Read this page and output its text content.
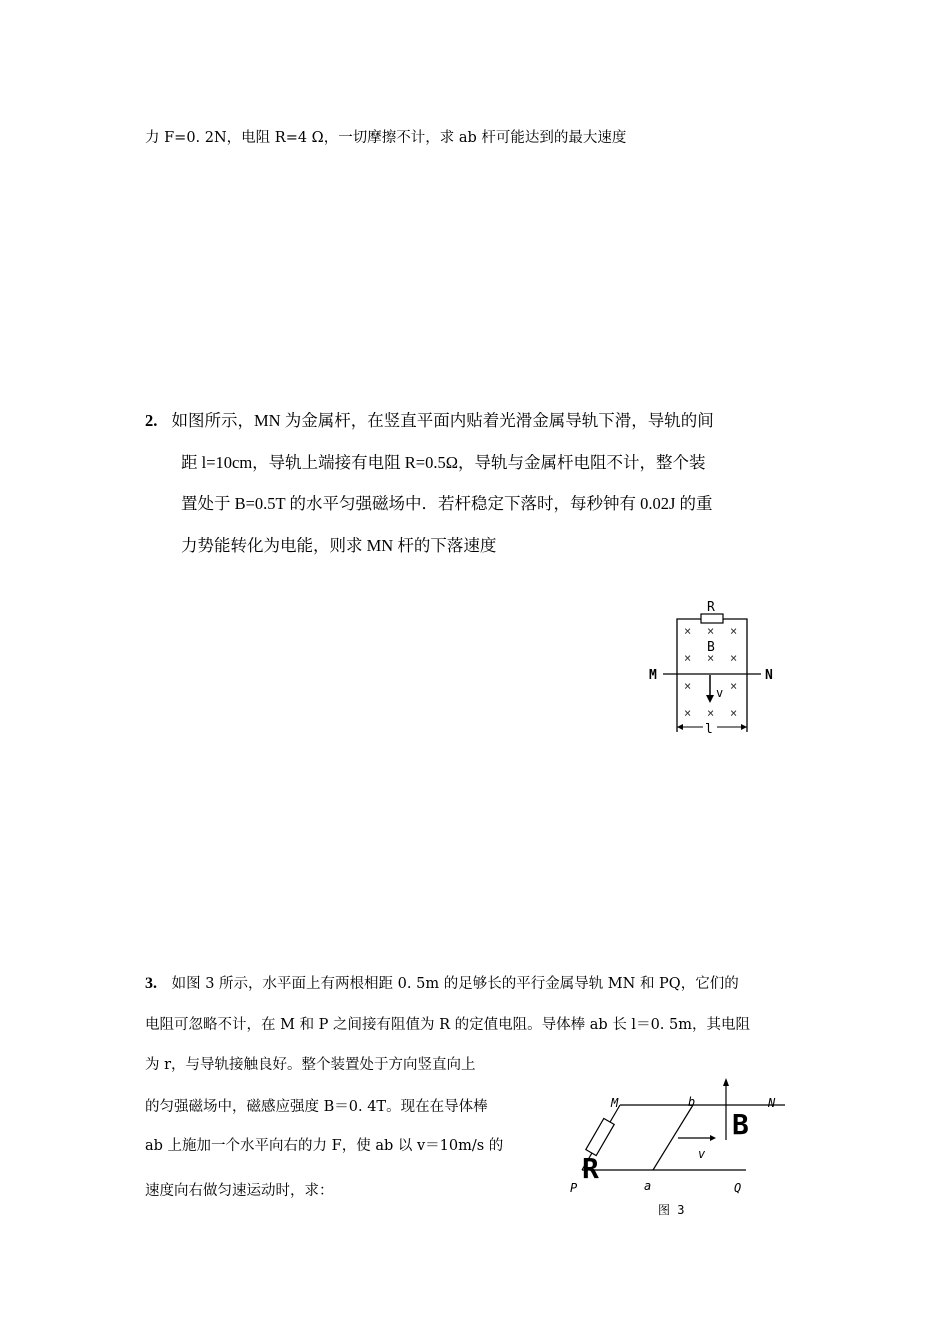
力 F=0. 2N，电阻 R=4 Ω，一切摩擦不计，求 ab 杆可能达到的最大速度
2. 如图所示，MN 为金属杆，在竖直平面内贴着光滑金属导轨下滑，导轨的间
距 l=10cm，导轨上端接有电阻 R=0.5Ω，导轨与金属杆电阻不计，整个装
置处于 B=0.5T 的水平匀强磁场中．若杆稳定下落时，每秒钟有 0.02J 的重
力势能转化为电能，则求 MN 杆的下落速度
R
× × ×
× × ×
×	×
× × ×
B
M	N
v
l
3. 如图 3 所示，水平面上有两根相距 0. 5m 的足够长的平行金属导轨 MN 和 PQ，它们的
电阻可忽略不计，在 M 和 P 之间接有阻值为 R 的定值电阻。导体棒 ab 长 l＝0. 5m，其电阻
为 r，与导轨接触良好。整个装置处于方向竖直向上
的匀强磁场中，磁感应强度 B＝0. 4T。现在在导体棒
ab 上施加一个水平向右的力 F，使 ab 以 v＝10m/s 的
速度向右做匀速运动时，求：
R	v
B
M	b	N
P	a	Q
图 3
